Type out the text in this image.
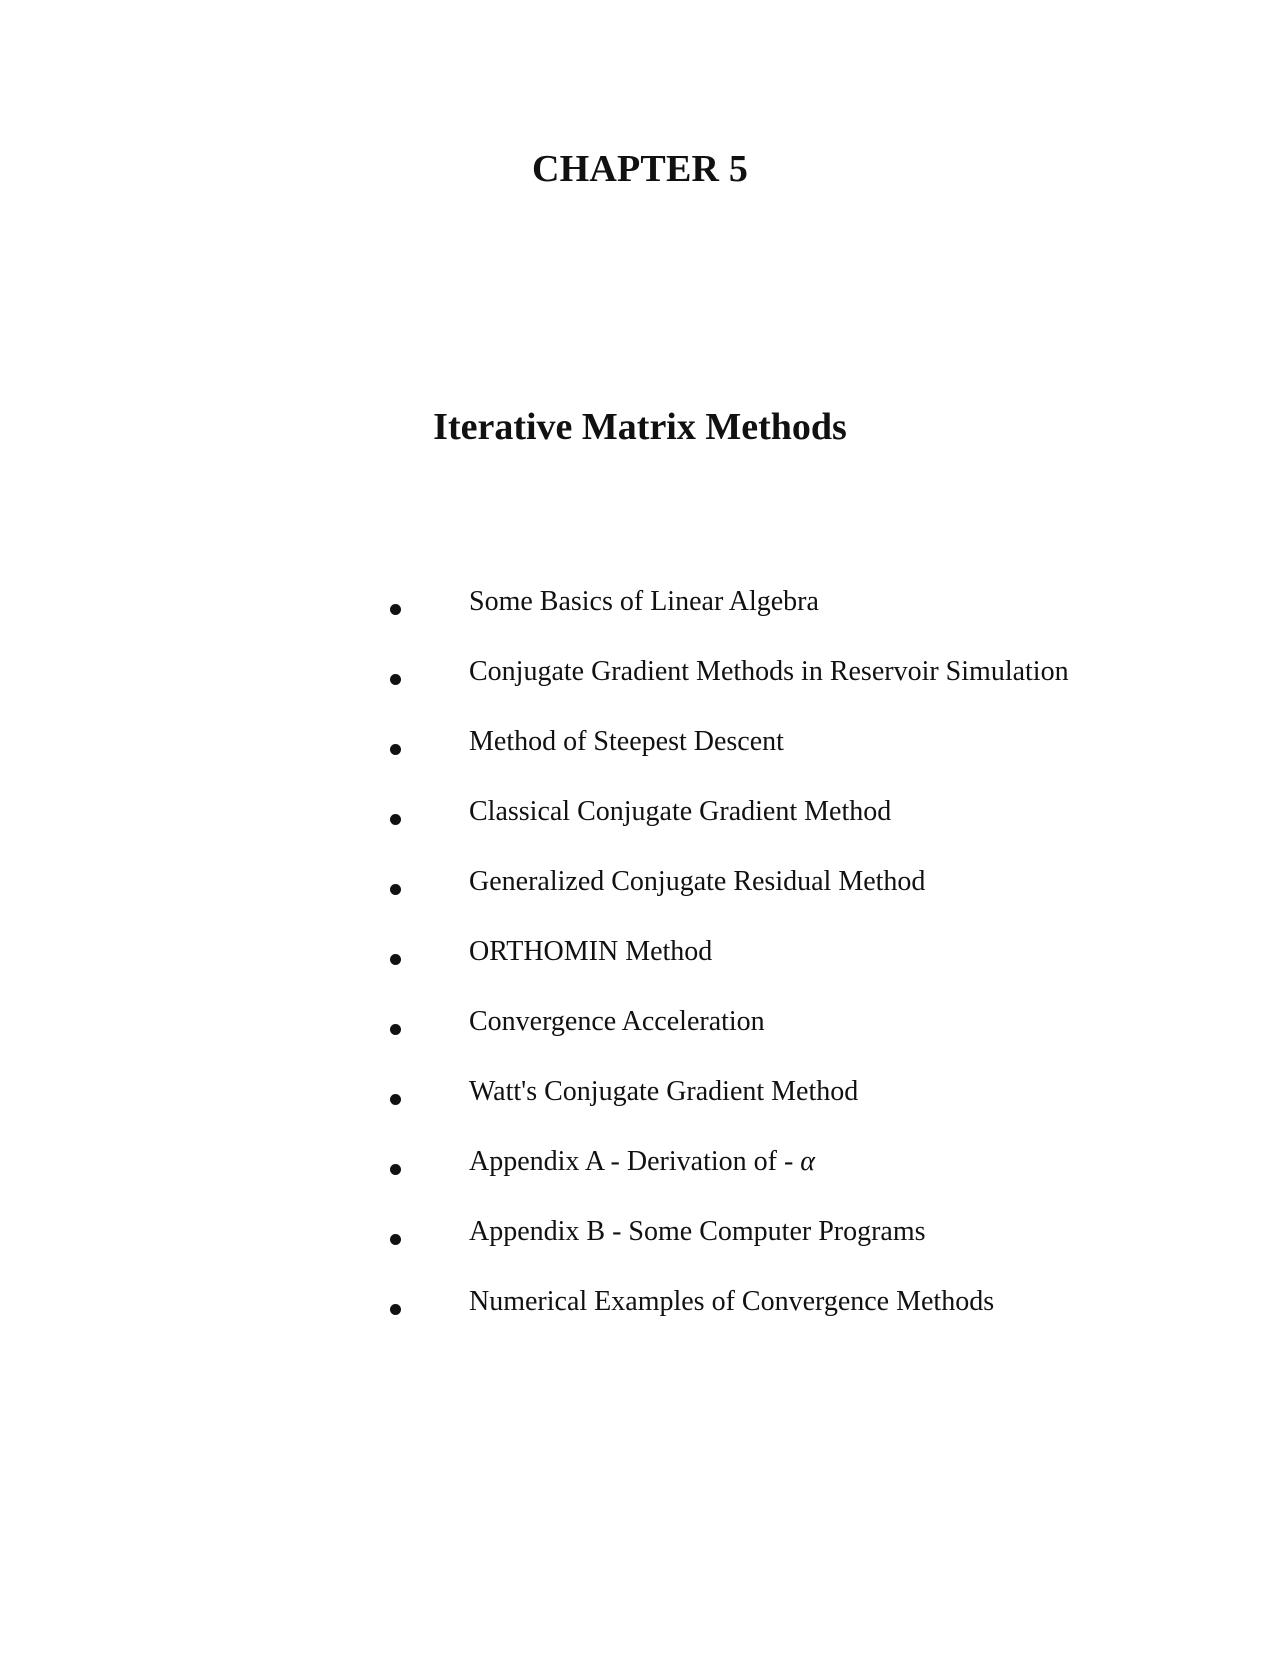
CHAPTER 5
Iterative Matrix Methods
Some Basics of Linear Algebra
Conjugate Gradient Methods in Reservoir Simulation
Method of Steepest Descent
Classical Conjugate Gradient Method
Generalized Conjugate Residual Method
ORTHOMIN Method
Convergence Acceleration
Watt's Conjugate Gradient Method
Appendix A - Derivation of - α
Appendix B - Some Computer Programs
Numerical Examples of Convergence Methods
